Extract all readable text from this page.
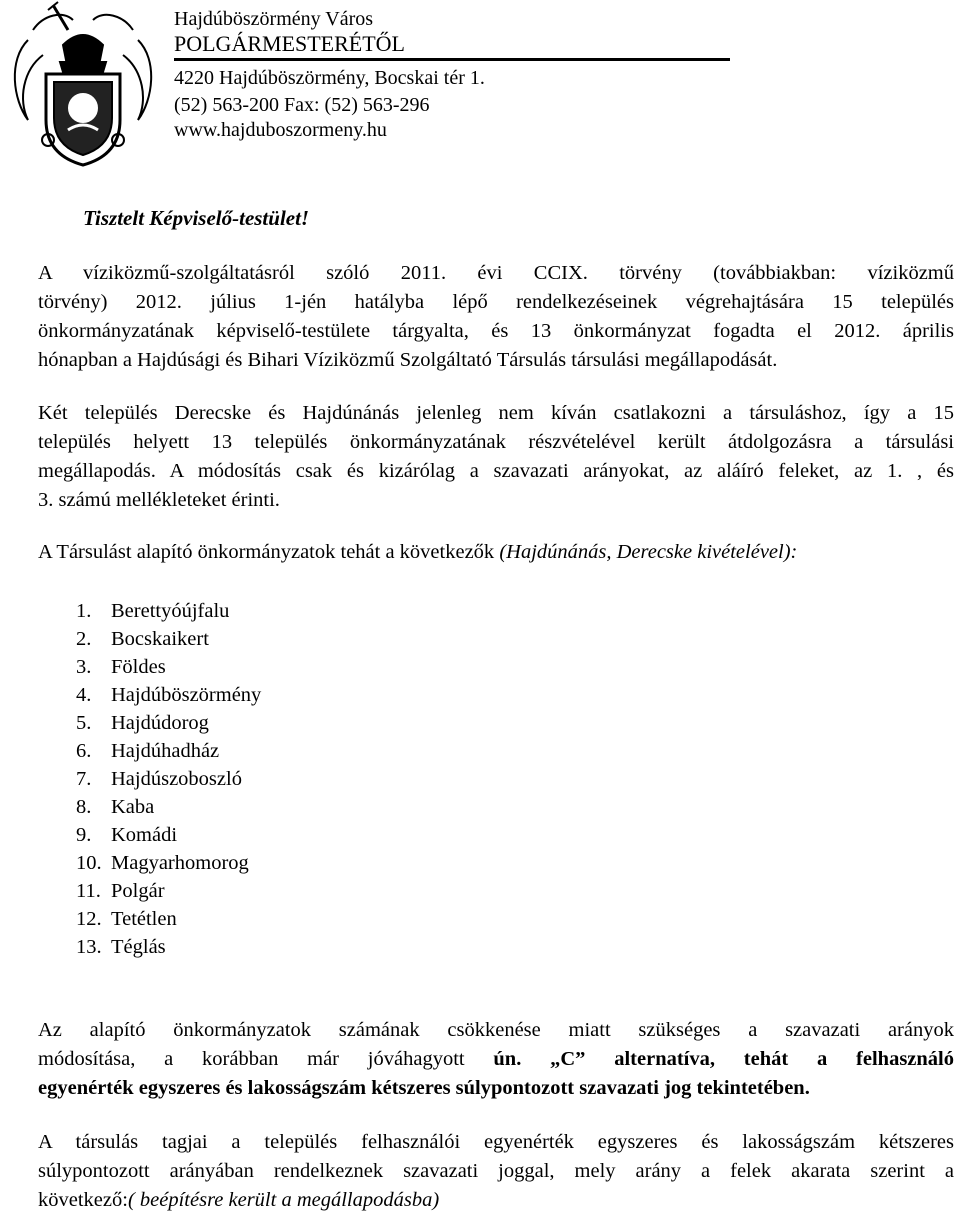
Hajdúböszörmény Város
POLGÁRMESTERÉTŐL
4220 Hajdúböszörmény, Bocskai tér 1.
(52) 563-200 Fax: (52) 563-296
www.hajduboszormeny.hu
Tisztelt Képviselő-testület!
A víziközmű-szolgáltatásról szóló 2011. évi CCIX. törvény (továbbiakban: víziközmű
törvény) 2012. július 1-jén hatályba lépő rendelkezéseinek végrehajtására 15 település
önkormányzatának képviselő-testülete tárgyalta, és 13 önkormányzat fogadta el 2012. április
hónapban a Hajdúsági és Bihari Víziközmű Szolgáltató Társulás társulási megállapodását.
Két település Derecske és Hajdúnánás jelenleg nem kíván csatlakozni a társuláshoz, így a 15
település helyett 13 település önkormányzatának részvételével került átdolgozásra a társulási
megállapodás. A módosítás csak és kizárólag a szavazati arányokat, az aláíró feleket, az 1. , és
3. számú mellékleteket érinti.
A Társulást alapító önkormányzatok tehát a következők (Hajdúnánás, Derecske kivételével):
1. Berettyóújfalu
2. Bocskaikert
3. Földes
4. Hajdúböszörmény
5. Hajdúdorog
6. Hajdúhadház
7. Hajdúszoboszló
8. Kaba
9. Komádi
10. Magyarhomorog
11. Polgár
12. Tetétlen
13. Téglás
Az alapító önkormányzatok számának csökkenése miatt szükséges a szavazati arányok
módosítása, a korábban már jóváhagyott ún. „C” alternatíva, tehát a felhasználó
egyenérték egyszeres és lakosságszám kétszeres súlypontozott szavazati jog tekintetében.
A társulás tagjai a település felhasználói egyenérték egyszeres és lakosságszám kétszeres
súlypontozott arányában rendelkeznek szavazati joggal, mely arány a felek akarata szerint a
következő:( beépítésre került a megállapodásba)
